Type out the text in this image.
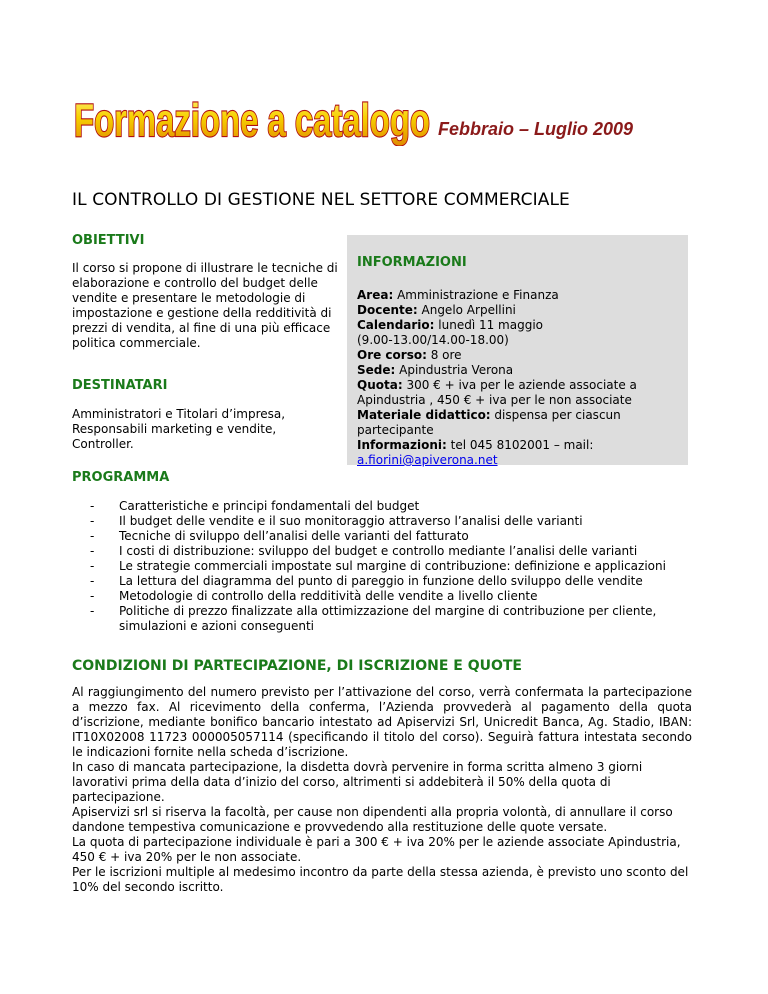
Formazione a catalogo Febbraio – Luglio 2009
IL CONTROLLO DI GESTIONE NEL SETTORE COMMERCIALE
OBIETTIVI
Il corso si propone di illustrare le tecniche di elaborazione e controllo del budget delle vendite e presentare le metodologie di impostazione e gestione della redditività di prezzi di vendita, al fine di una più efficace politica commerciale.
DESTINATARI
Amministratori e Titolari d’impresa, Responsabili marketing e vendite, Controller.
INFORMAZIONI
Area: Amministrazione e Finanza
Docente: Angelo Arpellini
Calendario: lunedì 11 maggio
(9.00-13.00/14.00-18.00)
Ore corso: 8 ore
Sede: Apindustria Verona
Quota: 300 € + iva per le aziende associate a
Apindustria , 450 € + iva per le non associate
Materiale didattico: dispensa per ciascun
partecipante
Informazioni: tel 045 8102001 – mail:
a.fiorini@apiverona.net
PROGRAMMA
- Caratteristiche e principi fondamentali del budget
- Il budget delle vendite e il suo monitoraggio attraverso l’analisi delle varianti
- Tecniche di sviluppo dell’analisi delle varianti del fatturato
- I costi di distribuzione: sviluppo del budget e controllo mediante l’analisi delle varianti
- Le strategie commerciali impostate sul margine di contribuzione: definizione e applicazioni
- La lettura del diagramma del punto di pareggio in funzione dello sviluppo delle vendite
- Metodologie di controllo della redditività delle vendite a livello cliente
- Politiche di prezzo finalizzate alla ottimizzazione del margine di contribuzione per cliente, simulazioni e azioni conseguenti
CONDIZIONI DI PARTECIPAZIONE, DI ISCRIZIONE E QUOTE
Al raggiungimento del numero previsto per l’attivazione del corso, verrà confermata la partecipazione a mezzo fax. Al ricevimento della conferma, l’Azienda provvederà al pagamento della quota d’iscrizione, mediante bonifico bancario intestato ad Apiservizi Srl, Unicredit Banca, Ag. Stadio, IBAN: IT10X02008 11723 000005057114 (specificando il titolo del corso). Seguirà fattura intestata secondo le indicazioni fornite nella scheda d’iscrizione.
In caso di mancata partecipazione, la disdetta dovrà pervenire in forma scritta almeno 3 giorni lavorativi prima della data d’inizio del corso, altrimenti si addebiterà il 50% della quota di partecipazione.
Apiservizi srl si riserva la facoltà, per cause non dipendenti alla propria volontà, di annullare il corso dandone tempestiva comunicazione e provvedendo alla restituzione delle quote versate.
La quota di partecipazione individuale è pari a 300 € + iva 20% per le aziende associate Apindustria, 450 € + iva 20% per le non associate.
Per le iscrizioni multiple al medesimo incontro da parte della stessa azienda, è previsto uno sconto del 10% del secondo iscritto.
